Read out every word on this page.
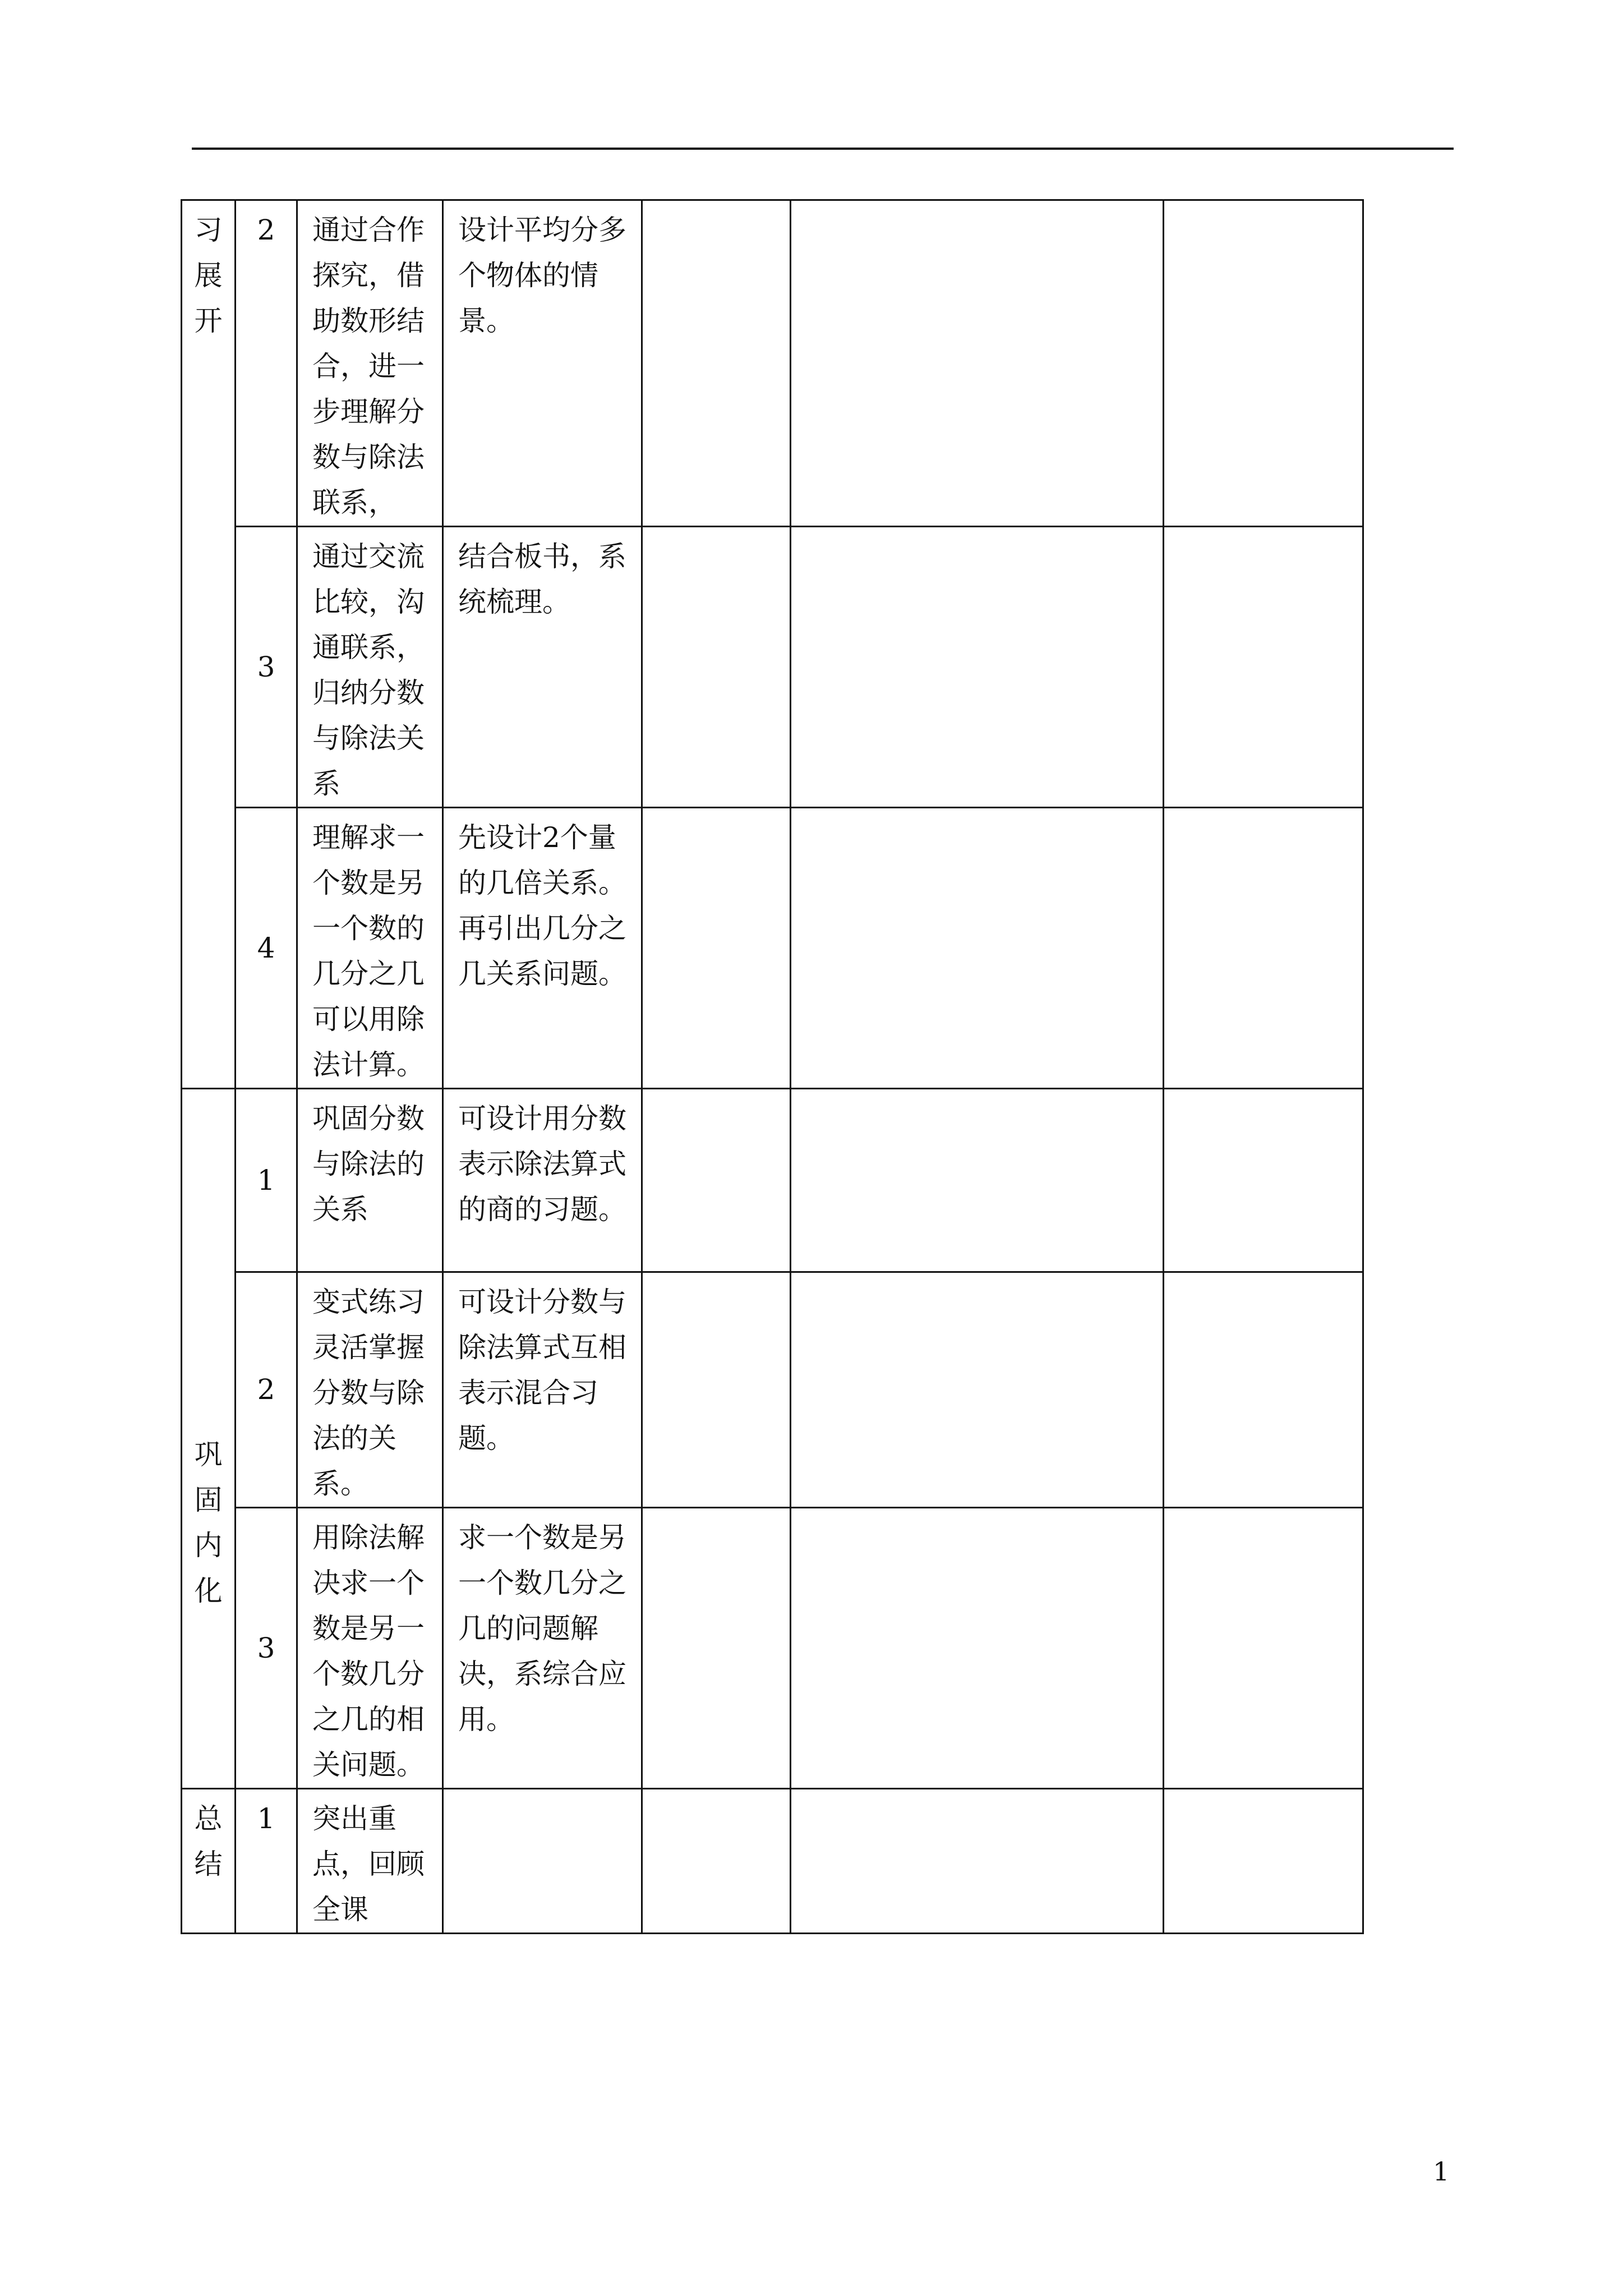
习展开	2	通过合作探究，借助数形结合，进一步理解分数与除法联系，	设计平均分多个物体的情景。			
	3	通过交流比较，沟通联系，归纳分数与除法关系	结合板书，系统梳理。			
	4	理解求一个数是另一个数的几分之几可以用除法计算。	先设计2个量的几倍关系。再引出几分之几关系问题。			
巩固内化	1	巩固分数与除法的关系	可设计用分数表示除法算式的商的习题。			
	2	变式练习灵活掌握分数与除法的关系。	可设计分数与除法算式互相表示混合习题。			
	3	用除法解决求一个数是另一个数几分之几的相关问题。	求一个数是另一个数几分之几的问题解决，系综合应用。			
总结	1	突出重点，回顾全课				
1
